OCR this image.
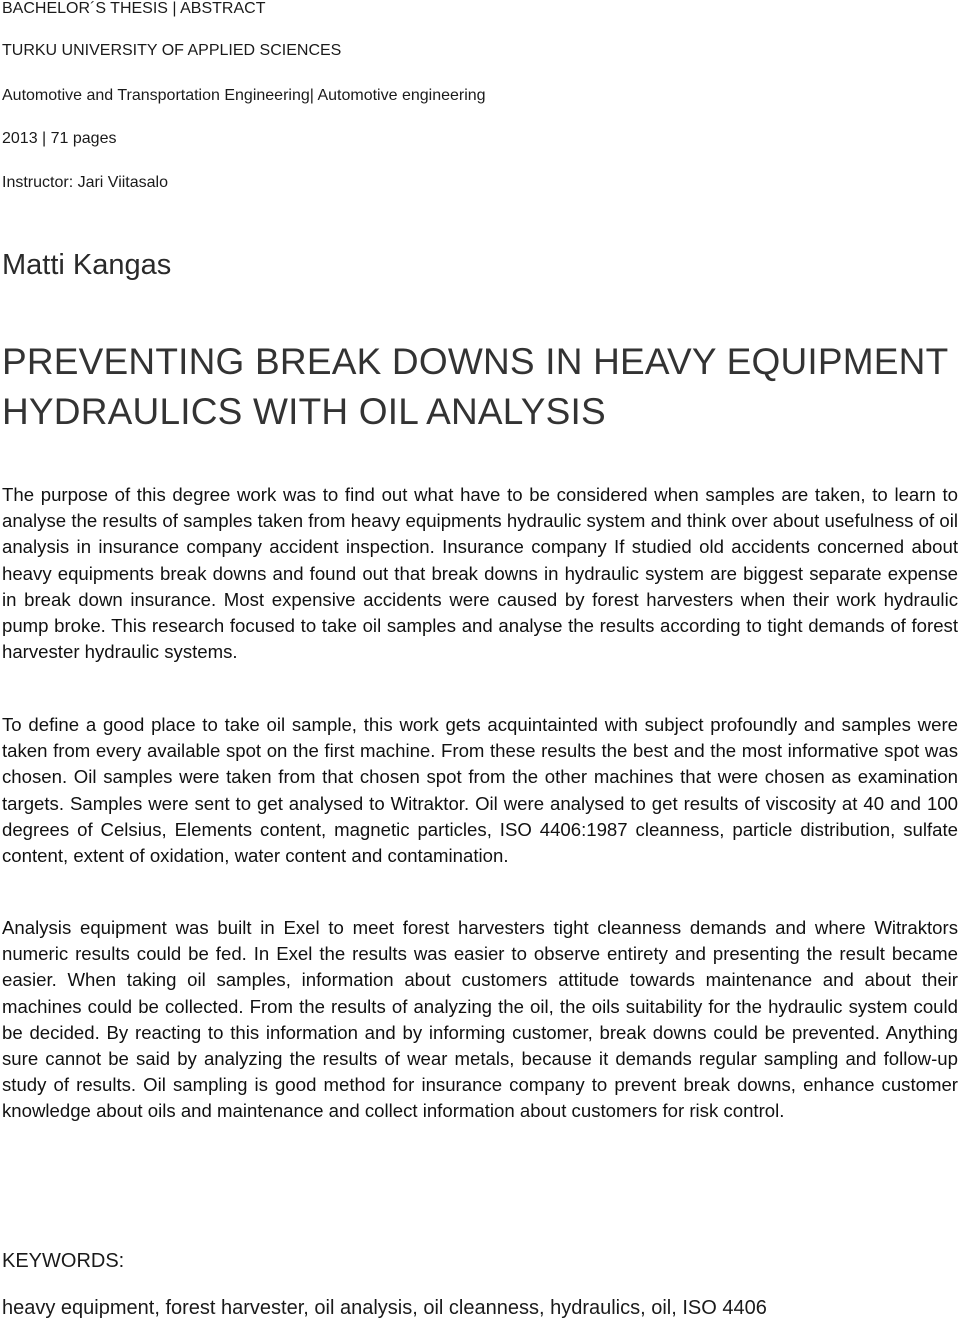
BACHELOR´S THESIS | ABSTRACT
TURKU UNIVERSITY OF APPLIED SCIENCES
Automotive and Transportation Engineering| Automotive engineering
2013 | 71 pages
Instructor: Jari Viitasalo
Matti Kangas
PREVENTING BREAK DOWNS IN HEAVY EQUIPMENT HYDRAULICS WITH OIL ANALYSIS

The purpose of this degree work was to find out what have to be considered when samples are taken, to learn to analyse the results of samples taken from heavy equipments hydraulic system and think over about usefulness of oil analysis in insurance company accident inspection. Insurance company If studied old accidents concerned about heavy equipments break downs and found out that break downs in hydraulic system are biggest separate expense in break down insurance. Most expensive accidents were caused by forest harvesters when their work hydraulic pump broke. This research focused to take oil samples and analyse the results according to tight demands of forest harvester hydraulic systems.

To define a good place to take oil sample, this work gets acquintainted with subject profoundly and samples were taken from every available spot on the first machine. From these results the best and the most informative spot was chosen. Oil samples were taken from that chosen spot from the other machines that were chosen as examination targets. Samples were sent to get analysed to Witraktor. Oil were analysed to get results of viscosity at 40 and 100 degrees of Celsius, Elements content, magnetic particles, ISO 4406:1987 cleanness, particle distribution, sulfate content, extent of oxidation, water content and contamination.

Analysis equipment was built in Exel to meet forest harvesters tight cleanness demands and where Witraktors numeric results could be fed. In Exel the results was easier to observe entirety and presenting the result became easier. When taking oil samples, information about customers attitude towards maintenance and about their machines could be collected. From the results of analyzing the oil, the oils suitability for the hydraulic system could be decided. By reacting to this information and by informing customer, break downs could be prevented. Anything sure cannot be said by analyzing the results of wear metals, because it demands regular sampling and follow-up study of results. Oil sampling is good method for insurance company to prevent break downs, enhance customer knowledge about oils and maintenance and collect information about customers for risk control.

KEYWORDS:
heavy equipment, forest harvester, oil analysis, oil cleanness, hydraulics, oil, ISO 4406
